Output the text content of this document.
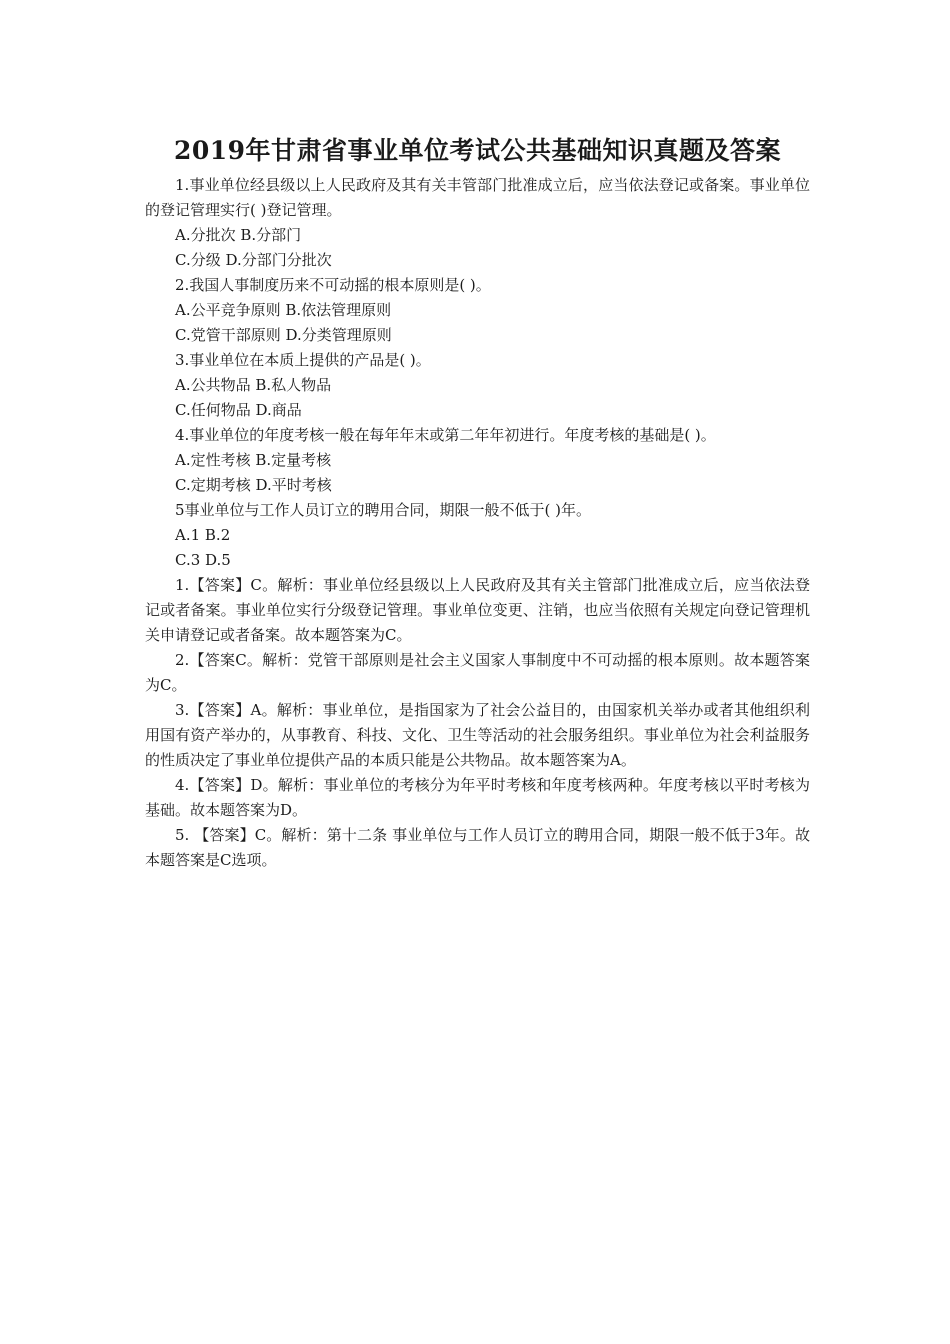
2019年甘肃省事业单位考试公共基础知识真题及答案

1.事业单位经县级以上人民政府及其有关丰管部门批准成立后，应当依法登记或备案。事业单位的登记管理实行( )登记管理。

A.分批次 B.分部门

C.分级 D.分部门分批次

2.我国人事制度历来不可动摇的根本原则是( )。

A.公平竞争原则 B.依法管理原则

C.党管干部原则 D.分类管理原则

3.事业单位在本质上提供的产品是( )。

A.公共物品 B.私人物品

C.任何物品 D.商品

4.事业单位的年度考核一般在每年年末或第二年年初进行。年度考核的基础是( )。

A.定性考核 B.定量考核

C.定期考核 D.平时考核

5事业单位与工作人员订立的聘用合同，期限一般不低于( )年。

A.1 B.2

C.3 D.5

1.【答案】C。解析：事业单位经县级以上人民政府及其有关主管部门批准成立后，应当依法登记或者备案。事业单位实行分级登记管理。事业单位变更、注销，也应当依照有关规定向登记管理机关申请登记或者备案。故本题答案为C。

2.【答案C。解析：党管干部原则是社会主义国家人事制度中不可动摇的根本原则。故本题答案为C。

3.【答案】A。解析：事业单位，是指国家为了社会公益目的，由国家机关举办或者其他组织利用国有资产举办的，从事教育、科技、文化、卫生等活动的社会服务组织。事业单位为社会利益服务的性质决定了事业单位提供产品的本质只能是公共物品。故本题答案为A。

4.【答案】D。解析：事业单位的考核分为年平时考核和年度考核两种。年度考核以平时考核为基础。故本题答案为D。

5. 【答案】C。解析：第十二条 事业单位与工作人员订立的聘用合同，期限一般不低于3年。故本题答案是C选项。
